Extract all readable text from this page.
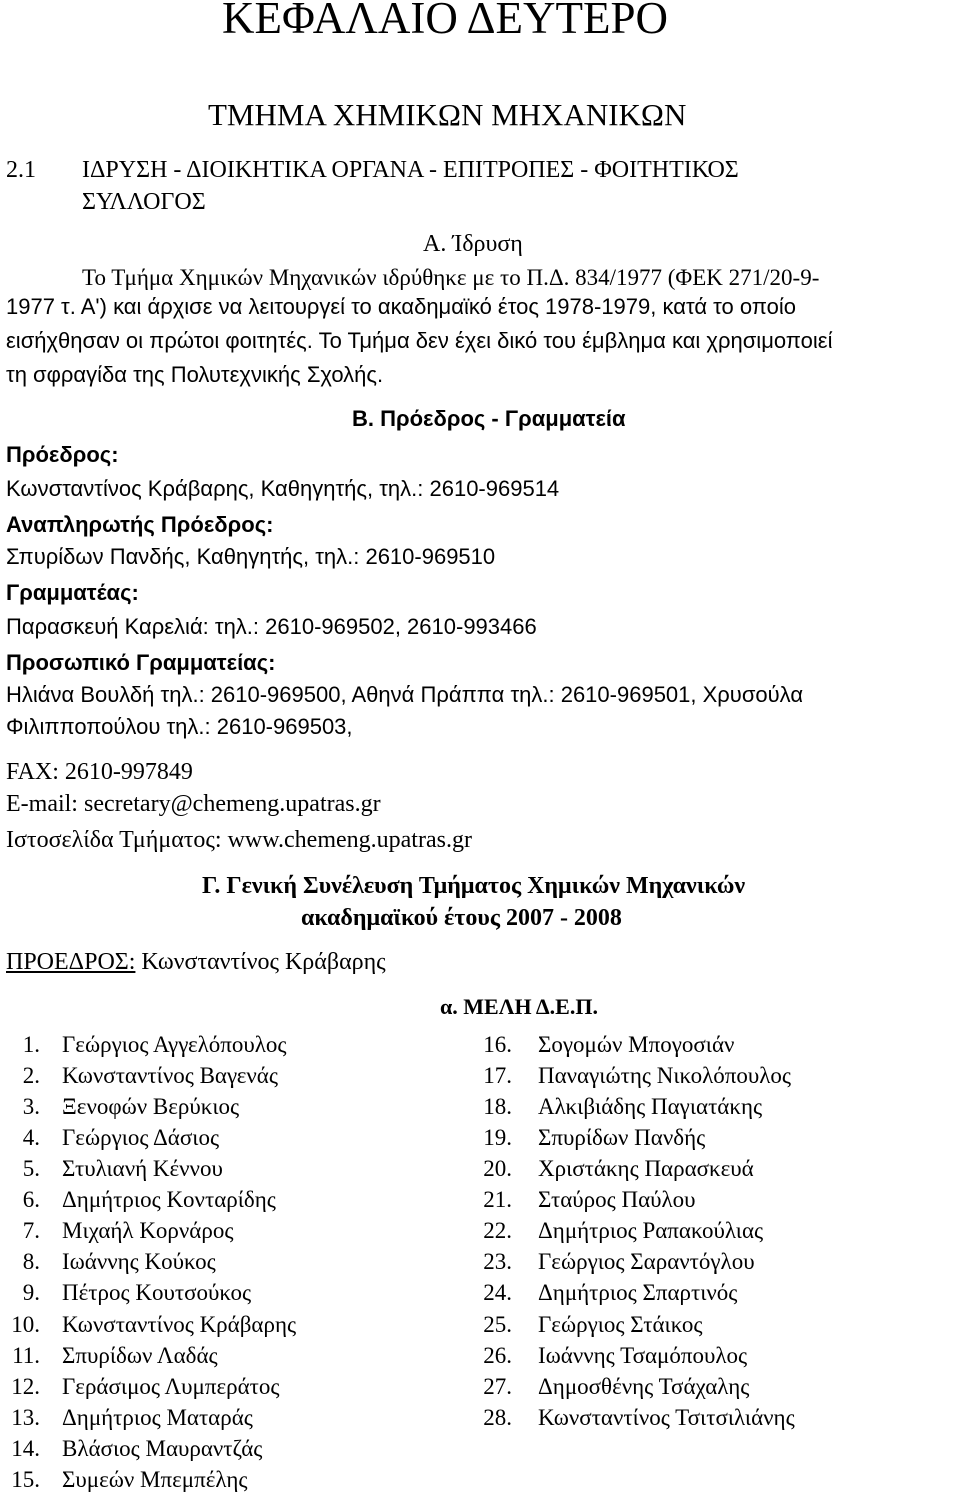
ΚΕΦΑΛΑΙΟ ΔΕΥΤΕΡΟ
ΤΜΗΜΑ ΧΗΜΙΚΩΝ ΜΗΧΑΝΙΚΩΝ
2.1 ΙΔΡΥΣΗ - ΔΙΟΙΚΗΤΙΚΑ ΟΡΓΑΝΑ - ΕΠΙΤΡΟΠΕΣ - ΦΟΙΤΗΤΙΚΟΣ
ΣΥΛΛΟΓΟΣ
Α. Ίδρυση
Το Τμήμα Χημικών Μηχανικών ιδρύθηκε με το Π.Δ. 834/1977 (ΦΕΚ 271/20-9-
1977 τ. Α') και άρχισε να λειτουργεί το ακαδημαϊκό έτος 1978-1979, κατά το οποίο
εισήχθησαν οι πρώτοι φοιτητές. Το Τμήμα δεν έχει δικό του έμβλημα και χρησιμοποιεί
τη σφραγίδα της Πολυτεχνικής Σχολής.
Β. Πρόεδρος - Γραμματεία
Πρόεδρος:
Κωνσταντίνος Κράβαρης, Καθηγητής, τηλ.: 2610-969514
Αναπληρωτής Πρόεδρος:
Σπυρίδων Πανδής, Καθηγητής, τηλ.: 2610-969510
Γραμματέας:
Παρασκευή Καρελιά: τηλ.: 2610-969502, 2610-993466
Προσωπικό Γραμματείας:
Ηλιάνα Βουλδή τηλ.: 2610-969500, Αθηνά Πράππα τηλ.: 2610-969501, Χρυσούλα
Φιλιπποπούλου τηλ.: 2610-969503,
FAX: 2610-997849
E-mail: secretary@chemeng.upatras.gr
Ιστοσελίδα Τμήματος: www.chemeng.upatras.gr
Γ. Γενική Συνέλευση Τμήματος Χημικών Μηχανικών
ακαδημαϊκού έτους 2007 - 2008
ΠΡΟΕΔΡΟΣ: Κωνσταντίνος Κράβαρης
α. ΜΕΛΗ Δ.Ε.Π.
1. Γεώργιος Αγγελόπουλος
2. Κωνσταντίνος Βαγενάς
3. Ξενοφών Βερύκιος
4. Γεώργιος Δάσιος
5. Στυλιανή Κέννου
6. Δημήτριος Κονταρίδης
7. Μιχαήλ Κορνάρος
8. Ιωάννης Κούκος
9. Πέτρος Κουτσούκος
10. Κωνσταντίνος Κράβαρης
11. Σπυρίδων Λαδάς
12. Γεράσιμος Λυμπεράτος
13. Δημήτριος Ματαράς
14. Βλάσιος Μαυραντζάς
15. Συμεών Μπεμπέλης
16. Σογομών Μπογοσιάν
17. Παναγιώτης Νικολόπουλος
18. Αλκιβιάδης Παγιατάκης
19. Σπυρίδων Πανδής
20. Χριστάκης Παρασκευά
21. Σταύρος Παύλου
22. Δημήτριος Ραπακούλιας
23. Γεώργιος Σαραντόγλου
24. Δημήτριος Σπαρτινός
25. Γεώργιος Στάικος
26. Ιωάννης Τσαμόπουλος
27. Δημοσθένης Τσάχαλης
28. Κωνσταντίνος Τσιτσιλιάνης
